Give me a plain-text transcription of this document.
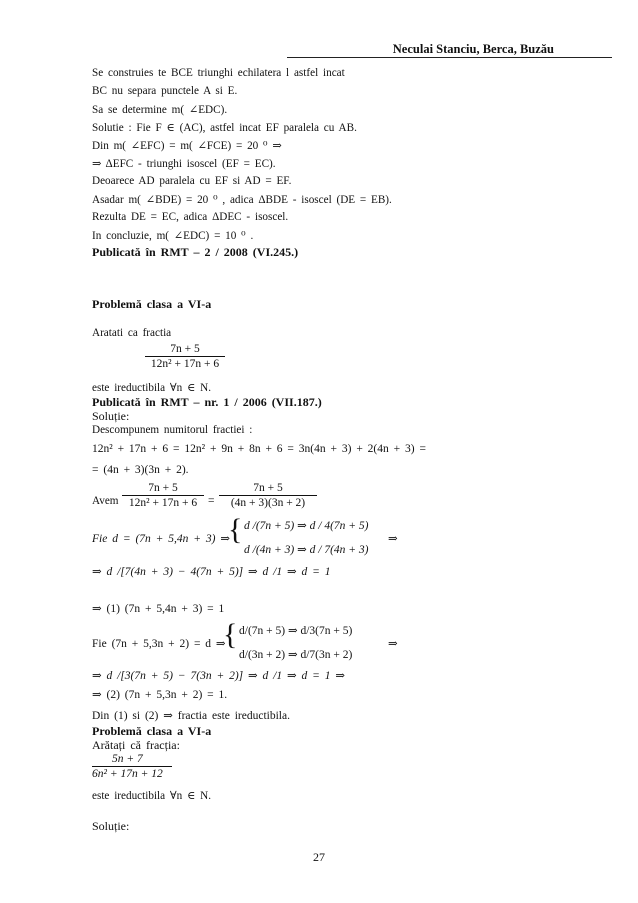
Neculai Stanciu, Berca, Buzău
Se construies te BCE triunghi echilatera l astfel incat
BC nu separa punctele A si E.
Sa se determine m( ∠EDC).
Solutie : Fie F ∈ (AC), astfel incat EF paralela cu AB.
Din m( ∠EFC) = m( ∠FCE) = 20 ⁰ ⇒
⇒ ΔEFC - triunghi isoscel (EF = EC).
Deoarece AD paralela cu EF si AD = EF.
Asadar m( ∠BDE) = 20 ⁰ , adica ΔBDE - isoscel (DE = EB).
Rezulta DE = EC, adica ΔDEC - isoscel.
In concluzie, m( ∠EDC) = 10 ⁰ .
Publicată în RMT – 2 / 2008 (VI.245.)
Problemă clasa a VI-a
Aratati ca fractia
7n + 5
12n² + 17n + 6
este ireductibila ∀n ∈ N.
Publicată în RMT – nr. 1 / 2006 (VII.187.)
Soluție:
Descompunem numitorul fractiei :
12n² + 17n + 6 = 12n² + 9n + 8n + 6 = 3n(4n + 3) + 2(4n + 3) =
= (4n + 3)(3n + 2).
Avem
7n + 5
12n² + 17n + 6 =
7n + 5
(4n + 3)(3n + 2)
Fie d = (7n + 5,4n + 3) ⇒
{ d /(7n + 5) ⇒ d / 4(7n + 5)
d /(4n + 3) ⇒ d / 7(4n + 3)
⇒
⇒ d /[7(4n + 3) − 4(7n + 5)] ⇒ d /1 ⇒ d = 1
⇒ (1) (7n + 5,4n + 3) = 1
Fie (7n + 5,3n + 2) = d ⇒
{ d/(7n + 5) ⇒ d/3(7n + 5)
d/(3n + 2) ⇒ d/7(3n + 2)
⇒
⇒ d /[3(7n + 5) − 7(3n + 2)] ⇒ d /1 ⇒ d = 1 ⇒
⇒ (2) (7n + 5,3n + 2) = 1.
Din (1) si (2) ⇒ fractia este ireductibila.
Problemă clasa a VI-a
Arătați că fracția:
5n + 7
6n² + 17n + 12
este ireductibila ∀n ∈ N.
Soluție:
27
